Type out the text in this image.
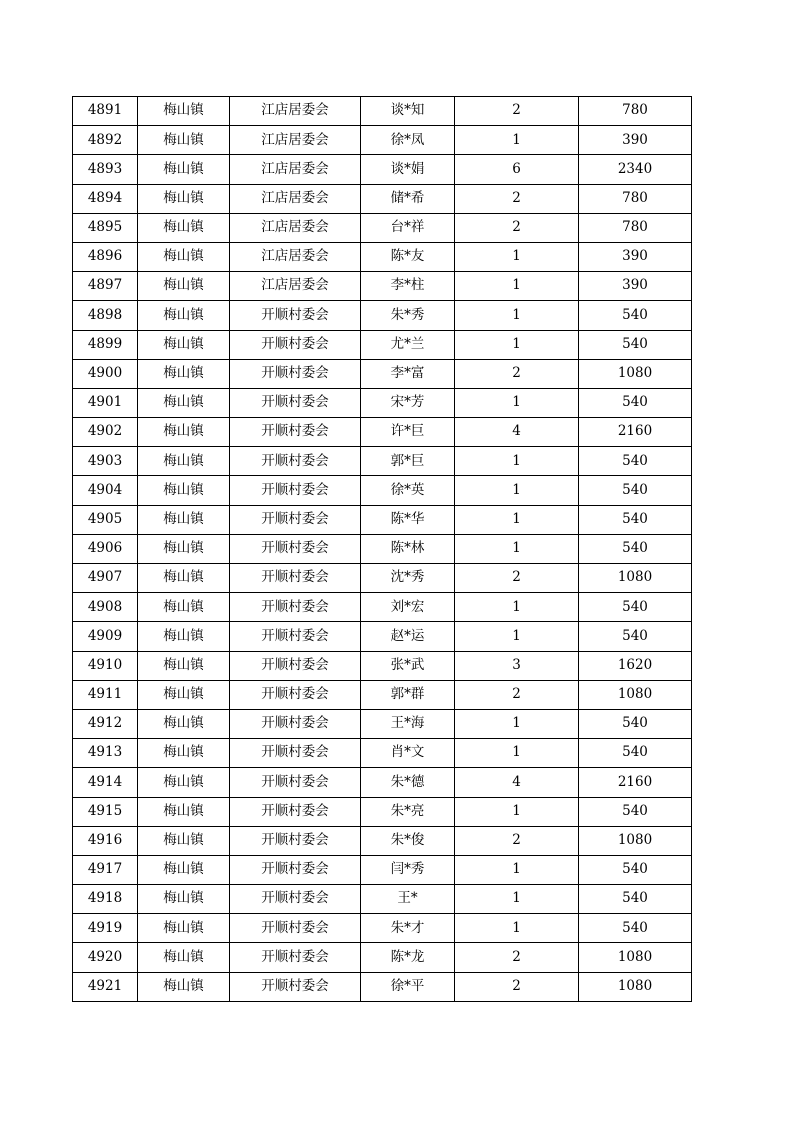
4891	梅山镇	江店居委会	谈*知	2	780
4892	梅山镇	江店居委会	徐*凤	1	390
4893	梅山镇	江店居委会	谈*娟	6	2340
4894	梅山镇	江店居委会	储*希	2	780
4895	梅山镇	江店居委会	台*祥	2	780
4896	梅山镇	江店居委会	陈*友	1	390
4897	梅山镇	江店居委会	李*柱	1	390
4898	梅山镇	开顺村委会	朱*秀	1	540
4899	梅山镇	开顺村委会	尤*兰	1	540
4900	梅山镇	开顺村委会	李*富	2	1080
4901	梅山镇	开顺村委会	宋*芳	1	540
4902	梅山镇	开顺村委会	许*巨	4	2160
4903	梅山镇	开顺村委会	郭*巨	1	540
4904	梅山镇	开顺村委会	徐*英	1	540
4905	梅山镇	开顺村委会	陈*华	1	540
4906	梅山镇	开顺村委会	陈*林	1	540
4907	梅山镇	开顺村委会	沈*秀	2	1080
4908	梅山镇	开顺村委会	刘*宏	1	540
4909	梅山镇	开顺村委会	赵*运	1	540
4910	梅山镇	开顺村委会	张*武	3	1620
4911	梅山镇	开顺村委会	郭*群	2	1080
4912	梅山镇	开顺村委会	王*海	1	540
4913	梅山镇	开顺村委会	肖*文	1	540
4914	梅山镇	开顺村委会	朱*德	4	2160
4915	梅山镇	开顺村委会	朱*亮	1	540
4916	梅山镇	开顺村委会	朱*俊	2	1080
4917	梅山镇	开顺村委会	闫*秀	1	540
4918	梅山镇	开顺村委会	王*	1	540
4919	梅山镇	开顺村委会	朱*才	1	540
4920	梅山镇	开顺村委会	陈*龙	2	1080
4921	梅山镇	开顺村委会	徐*平	2	1080
